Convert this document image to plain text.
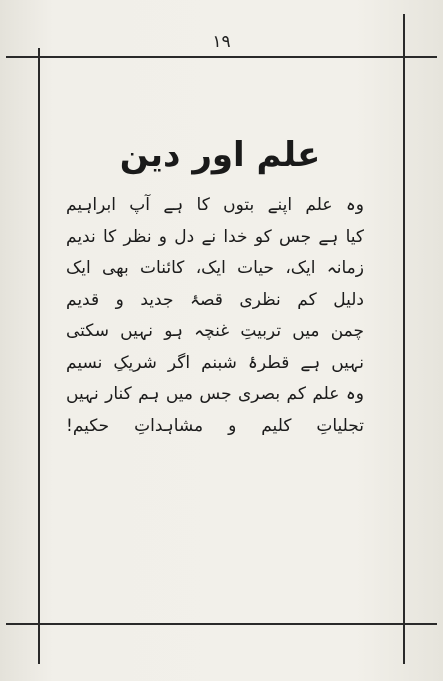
۱۹
علم اور دین
وہ علم اپنے بتوں کا ہے آپ ابراہیم
کیا ہے جس کو خدا نے دل و نظر کا ندیم
زمانہ ایک، حیات ایک، کائنات بھی ایک
دلیل کم نظری قصۂ جدید و قدیم
چمن میں تربیتِ غنچہ ہو نہیں سکتی
نہیں ہے قطرۂ شبنم اگر شریکِ نسیم
وہ علم کم بصری جس میں ہم کنار نہیں
تجلیاتِ کلیم و مشاہداتِ حکیم!
